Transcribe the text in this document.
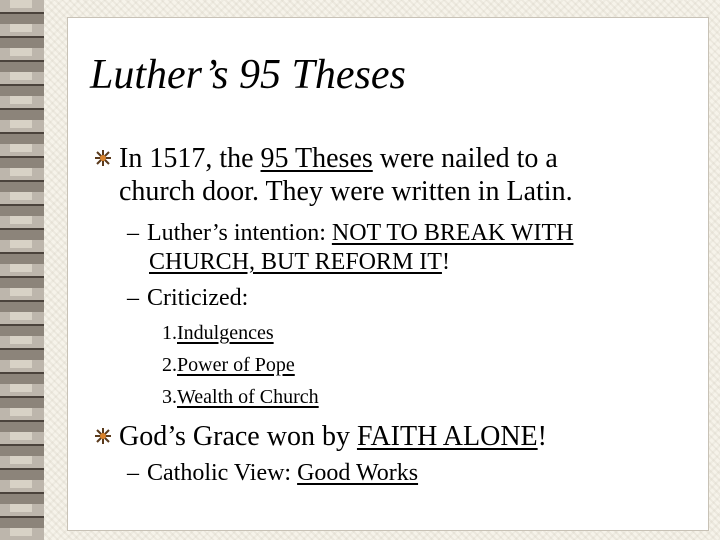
Luther’s 95 Theses
In 1517, the 95 Theses were nailed to a
church door. They were written in Latin.
– Luther’s intention: NOT TO BREAK WITH
CHURCH, BUT REFORM IT!
– Criticized:
1.Indulgences
2.Power of Pope
3.Wealth of Church
God’s Grace won by FAITH ALONE!
– Catholic View: Good Works
